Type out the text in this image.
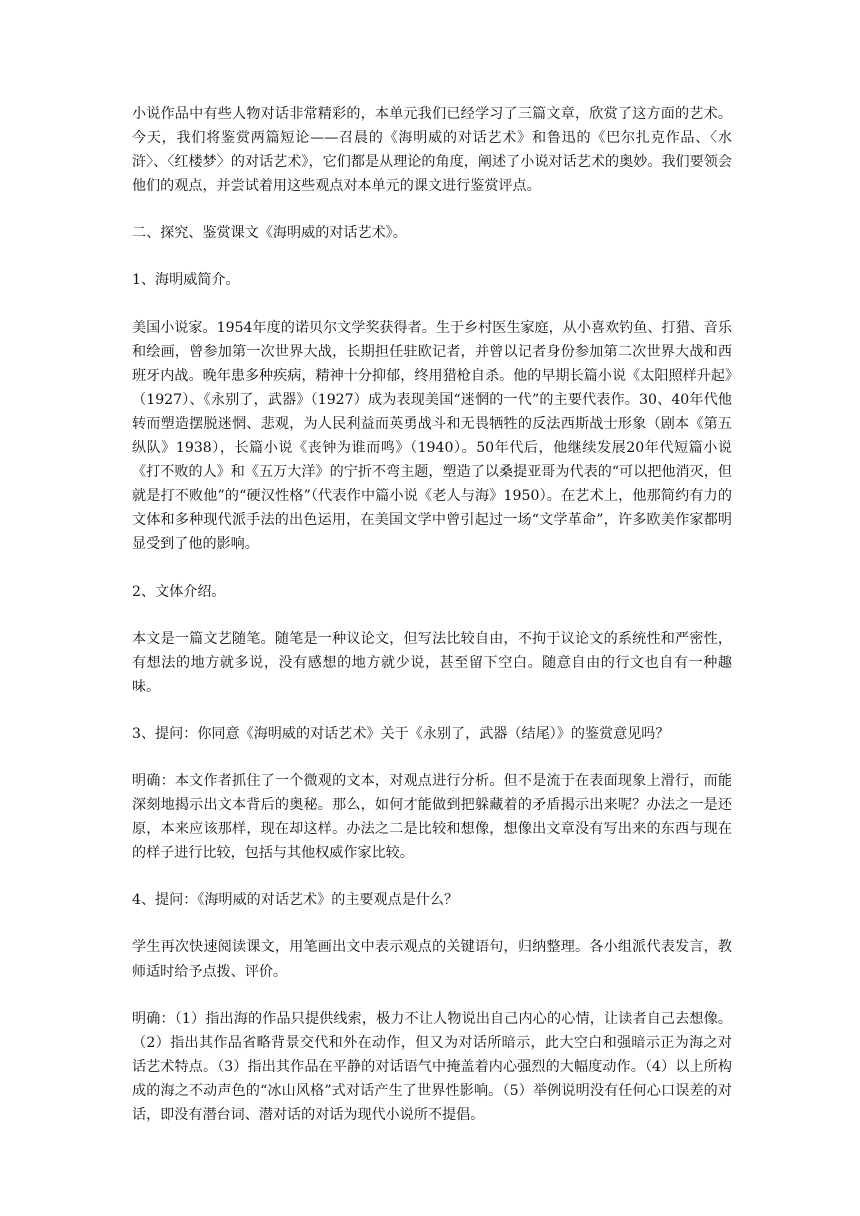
小说作品中有些人物对话非常精彩的，本单元我们已经学习了三篇文章，欣赏了这方面的艺术。今天，我们将鉴赏两篇短论——召晨的《海明威的对话艺术》和鲁迅的《巴尔扎克作品、〈水浒〉、〈红楼梦〉的对话艺术》，它们都是从理论的角度，阐述了小说对话艺术的奥妙。我们要领会他们的观点，并尝试着用这些观点对本单元的课文进行鉴赏评点。

二、探究、鉴赏课文《海明威的对话艺术》。

1、海明威简介。

美国小说家。1954年度的诺贝尔文学奖获得者。生于乡村医生家庭，从小喜欢钓鱼、打猎、音乐和绘画，曾参加第一次世界大战，长期担任驻欧记者，并曾以记者身份参加第二次世界大战和西班牙内战。晚年患多种疾病，精神十分抑郁，终用猎枪自杀。他的早期长篇小说《太阳照样升起》（1927）、《永别了，武器》（1927）成为表现美国“迷惘的一代”的主要代表作。30、40年代他转而塑造摆脱迷惘、悲观，为人民利益而英勇战斗和无畏牺牲的反法西斯战士形象（剧本《第五纵队》1938），长篇小说《丧钟为谁而鸣》（1940）。50年代后，他继续发展20年代短篇小说《打不败的人》和《五万大洋》的宁折不弯主题，塑造了以桑提亚哥为代表的“可以把他消灭，但就是打不败他”的“硬汉性格”（代表作中篇小说《老人与海》1950）。在艺术上，他那简约有力的文体和多种现代派手法的出色运用，在美国文学中曾引起过一场“文学革命”，许多欧美作家都明显受到了他的影响。

2、文体介绍。

本文是一篇文艺随笔。随笔是一种议论文，但写法比较自由，不拘于议论文的系统性和严密性，有想法的地方就多说，没有感想的地方就少说，甚至留下空白。随意自由的行文也自有一种趣味。

3、提问：你同意《海明威的对话艺术》关于《永别了，武器（结尾）》的鉴赏意见吗？

明确：本文作者抓住了一个微观的文本，对观点进行分析。但不是流于在表面现象上滑行，而能深刻地揭示出文本背后的奥秘。那么，如何才能做到把躲藏着的矛盾揭示出来呢？办法之一是还原，本来应该那样，现在却这样。办法之二是比较和想像，想像出文章没有写出来的东西与现在的样子进行比较，包括与其他权威作家比较。

4、提问：《海明威的对话艺术》的主要观点是什么？

学生再次快速阅读课文，用笔画出文中表示观点的关键语句，归纳整理。各小组派代表发言，教师适时给予点拨、评价。

明确：（1）指出海的作品只提供线索，极力不让人物说出自己内心的心情，让读者自己去想像。（2）指出其作品省略背景交代和外在动作，但又为对话所暗示，此大空白和强暗示正为海之对话艺术特点。（3）指出其作品在平静的对话语气中掩盖着内心强烈的大幅度动作。（4）以上所构成的海之不动声色的“冰山风格”式对话产生了世界性影响。（5）举例说明没有任何心口误差的对话，即没有潜台词、潜对话的对话为现代小说所不提倡。
